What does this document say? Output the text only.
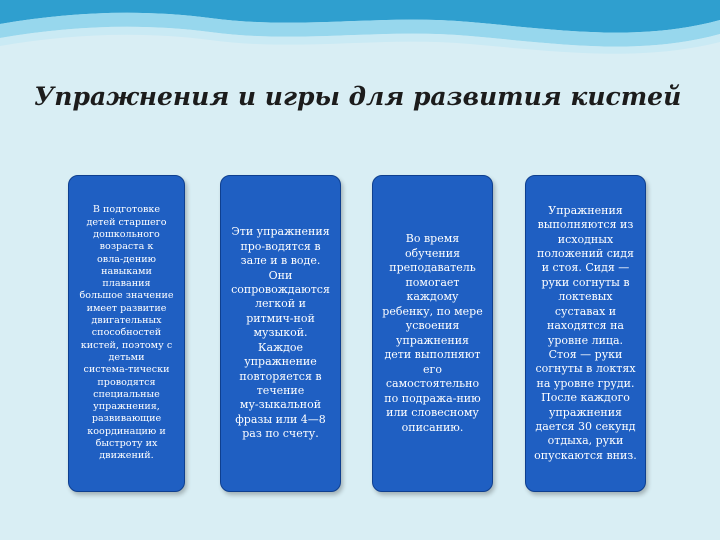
Упражнения и игры для развития кистей
В подготовке
детей старшего
дошкольного
возраста к
овла-дению
навыками
плавания
большое значение
имеет развитие
двигательных
способностей
кистей, поэтому с
детьми
система-тически
проводятся
специальные
упражнения,
развивающие
координацию и
быстроту их
движений.
Эти упражнения
про-водятся в
зале и в воде.
Они
сопровождаются
легкой и
ритмич-ной
музыкой.
Каждое
упражнение
повторяется в
течение
му-зыкальной
фразы или 4—8
раз по счету.
Во время
обучения
преподаватель
помогает
каждому
ребенку, по мере
усвоения
упражнения
дети выполняют
его
самостоятельно
по подража-нию
или словесному
описанию.
Упражнения
выполняются из
исходных
положений сидя
и стоя. Сидя —
руки согнуты в
локтевых
суставах и
находятся на
уровне лица.
Стоя — руки
согнуты в локтях
на уровне груди.
После каждого
упражнения
дается 30 секунд
отдыха, руки
опускаются вниз.
